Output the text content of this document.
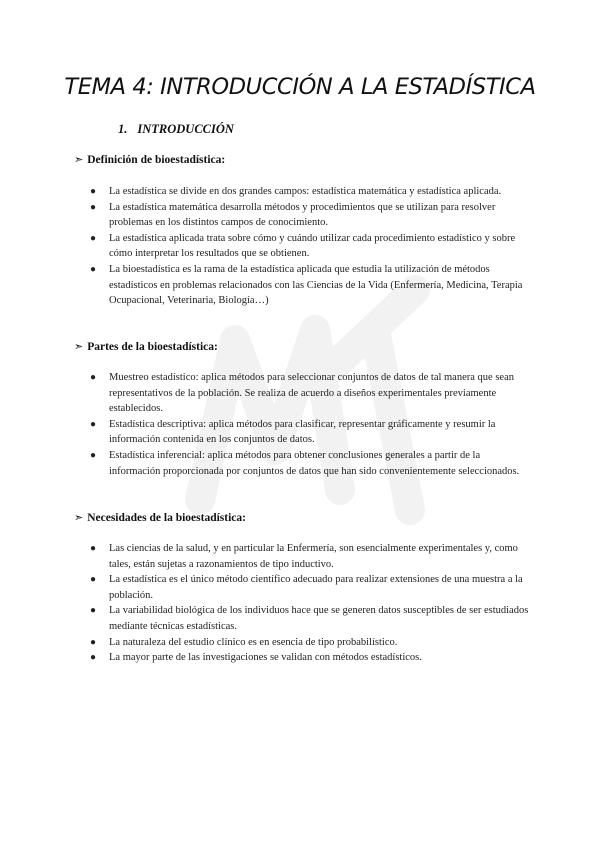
TEMA 4: INTRODUCCIÓN A LA ESTADÍSTICA
1. INTRODUCCIÓN
➣ Definición de bioestadística:
● La estadística se divide en dos grandes campos: estadística matemática y estadística aplicada.
● La estadística matemática desarrolla métodos y procedimientos que se utilizan para resolver problemas en los distintos campos de conocimiento.
● La estadística aplicada trata sobre cómo y cuándo utilizar cada procedimiento estadístico y sobre cómo interpretar los resultados que se obtienen.
● La bioestadística es la rama de la estadística aplicada que estudia la utilización de métodos estadísticos en problemas relacionados con las Ciencias de la Vida (Enfermería, Medicina, Terapia Ocupacional, Veterinaria, Biología…)
➣ Partes de la bioestadística:
● Muestreo estadístico: aplica métodos para seleccionar conjuntos de datos de tal manera que sean representativos de la población. Se realiza de acuerdo a diseños experimentales previamente establecidos.
● Estadística descriptiva: aplica métodos para clasificar, representar gráficamente y resumir la información contenida en los conjuntos de datos.
● Estadística inferencial: aplica métodos para obtener conclusiones generales a partir de la información proporcionada por conjuntos de datos que han sido convenientemente seleccionados.
➣ Necesidades de la bioestadística:
● Las ciencias de la salud, y en particular la Enfermería, son esencialmente experimentales y, como tales, están sujetas a razonamientos de tipo inductivo.
● La estadística es el único método científico adecuado para realizar extensiones de una muestra a la población.
● La variabilidad biológica de los individuos hace que se generen datos susceptibles de ser estudiados mediante técnicas estadísticas.
● La naturaleza del estudio clínico es en esencia de tipo probabilístico.
● La mayor parte de las investigaciones se validan con métodos estadísticos.
